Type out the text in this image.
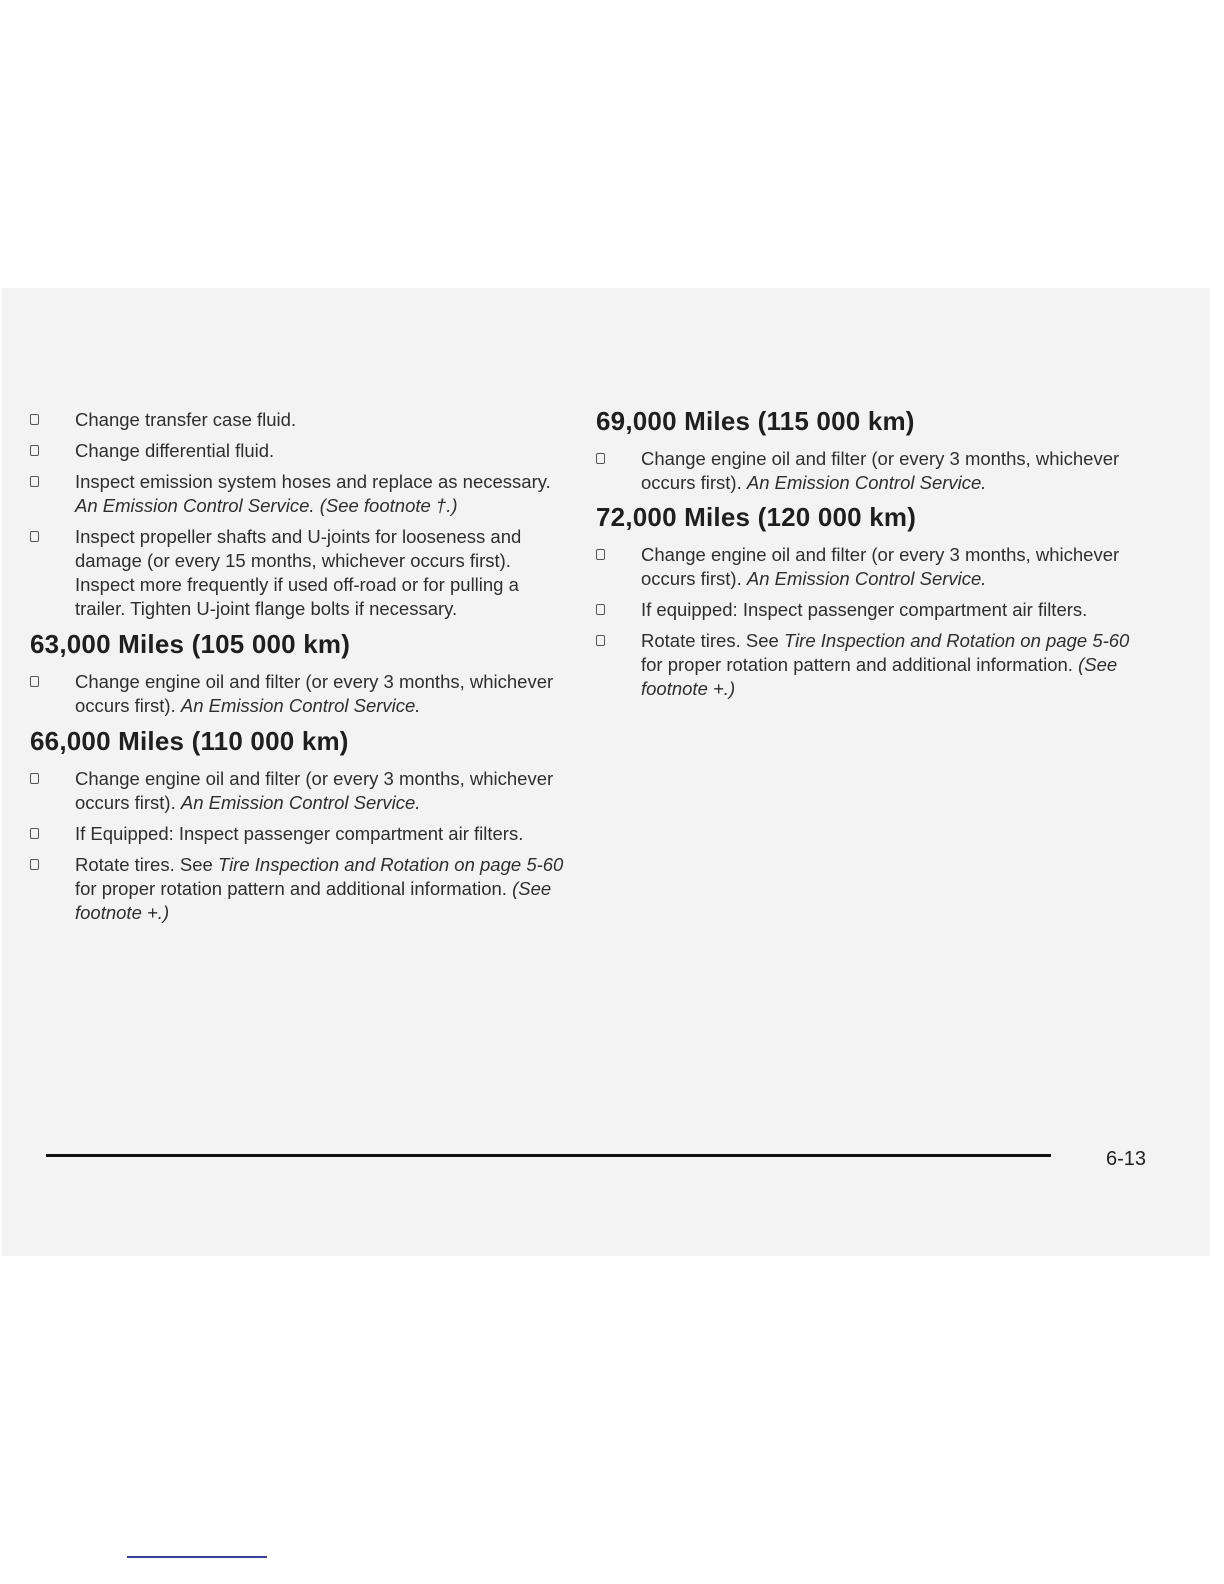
Change transfer case fluid.
Change differential fluid.
Inspect emission system hoses and replace as necessary. An Emission Control Service. (See footnote †.)
Inspect propeller shafts and U-joints for looseness and damage (or every 15 months, whichever occurs first). Inspect more frequently if used off-road or for pulling a trailer. Tighten U-joint flange bolts if necessary.
63,000 Miles (105 000 km)
Change engine oil and filter (or every 3 months, whichever occurs first). An Emission Control Service.
66,000 Miles (110 000 km)
Change engine oil and filter (or every 3 months, whichever occurs first). An Emission Control Service.
If Equipped: Inspect passenger compartment air filters.
Rotate tires. See Tire Inspection and Rotation on page 5-60 for proper rotation pattern and additional information. (See footnote +.)
69,000 Miles (115 000 km)
Change engine oil and filter (or every 3 months, whichever occurs first). An Emission Control Service.
72,000 Miles (120 000 km)
Change engine oil and filter (or every 3 months, whichever occurs first). An Emission Control Service.
If equipped: Inspect passenger compartment air filters.
Rotate tires. See Tire Inspection and Rotation on page 5-60 for proper rotation pattern and additional information. (See footnote +.)
6-13
